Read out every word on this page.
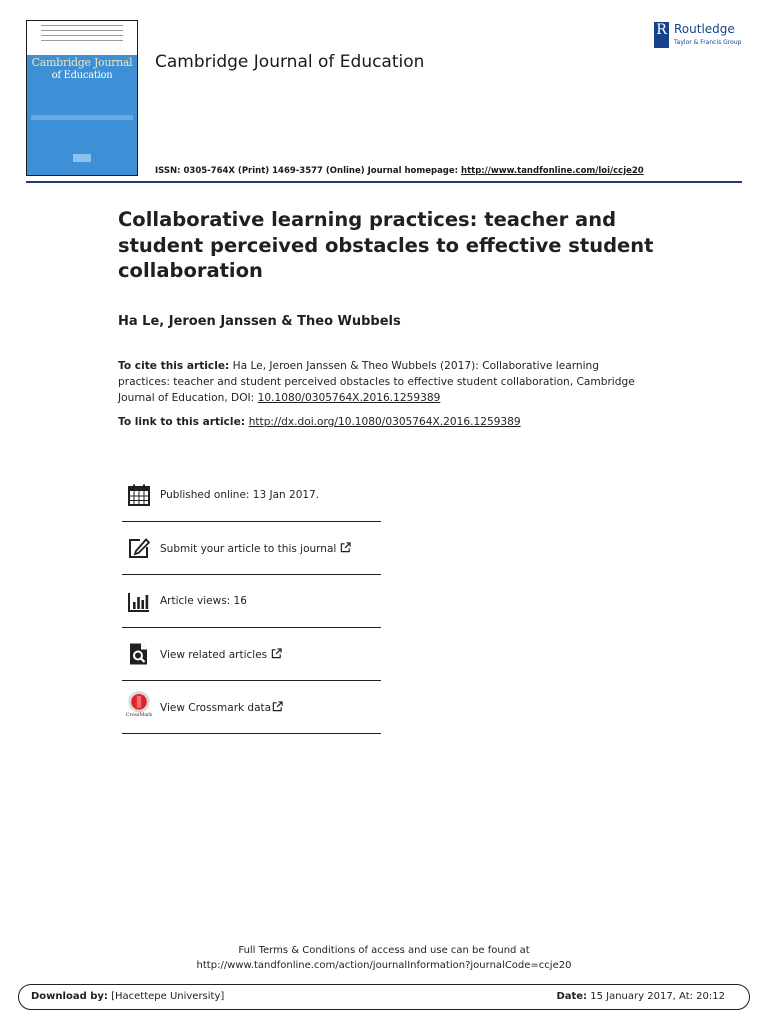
Cambridge Journal
of Education
Cambridge Journal of Education
ISSN: 0305-764X (Print) 1469-3577 (Online) Journal homepage: http://www.tandfonline.com/loi/ccje20
R Routledge
Taylor & Francis Group
Collaborative learning practices: teacher and student perceived obstacles to effective student collaboration
Ha Le, Jeroen Janssen & Theo Wubbels
To cite this article: Ha Le, Jeroen Janssen & Theo Wubbels (2017): Collaborative learning practices: teacher and student perceived obstacles to effective student collaboration, Cambridge Journal of Education, DOI: 10.1080/0305764X.2016.1259389
To link to this article: http://dx.doi.org/10.1080/0305764X.2016.1259389
Published online: 13 Jan 2017.
Submit your article to this journal
Article views: 16
View related articles
CrossMark
View Crossmark data
Full Terms & Conditions of access and use can be found at
http://www.tandfonline.com/action/journalInformation?journalCode=ccje20
Download by: [Hacettepe University]	Date: 15 January 2017, At: 20:12
